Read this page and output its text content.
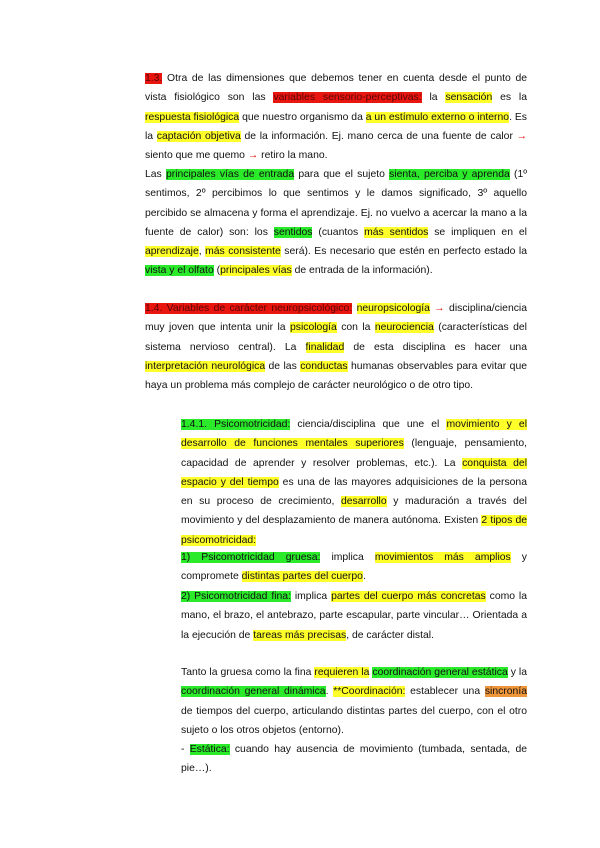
1.3. Otra de las dimensiones que debemos tener en cuenta desde el punto de vista fisiológico son las variables sensorio-perceptivas: la sensación es la respuesta fisiológica que nuestro organismo da a un estímulo externo o interno. Es la captación objetiva de la información. Ej. mano cerca de una fuente de calor → siento que me quemo → retiro la mano.

Las principales vías de entrada para que el sujeto sienta, perciba y aprenda (1º sentimos, 2º percibimos lo que sentimos y le damos significado, 3º aquello percibido se almacena y forma el aprendizaje. Ej. no vuelvo a acercar la mano a la fuente de calor) son: los sentidos (cuantos más sentidos se impliquen en el aprendizaje, más consistente será). Es necesario que estén en perfecto estado la vista y el olfato (principales vías de entrada de la información).

1.4. Variables de carácter neuropsicológico: neuropsicología → disciplina/ciencia muy joven que intenta unir la psicología con la neurociencia (características del sistema nervioso central). La finalidad de esta disciplina es hacer una interpretación neurológica de las conductas humanas observables para evitar que haya un problema más complejo de carácter neurológico o de otro tipo.

1.4.1. Psicomotricidad: ciencia/disciplina que une el movimiento y el desarrollo de funciones mentales superiores (lenguaje, pensamiento, capacidad de aprender y resolver problemas, etc.). La conquista del espacio y del tiempo es una de las mayores adquisiciones de la persona en su proceso de crecimiento, desarrollo y maduración a través del movimiento y del desplazamiento de manera autónoma. Existen 2 tipos de psicomotricidad:

1) Psicomotricidad gruesa: implica movimientos más amplios y compromete distintas partes del cuerpo.

2) Psicomotricidad fina: implica partes del cuerpo más concretas como la mano, el brazo, el antebrazo, parte escapular, parte vincular… Orientada a la ejecución de tareas más precisas, de carácter distal.

Tanto la gruesa como la fina requieren la coordinación general estática y la coordinación general dinámica. **Coordinación: establecer una sincronía de tiempos del cuerpo, articulando distintas partes del cuerpo, con el otro sujeto o los otros objetos (entorno).

- Estática: cuando hay ausencia de movimiento (tumbada, sentada, de pie…).
